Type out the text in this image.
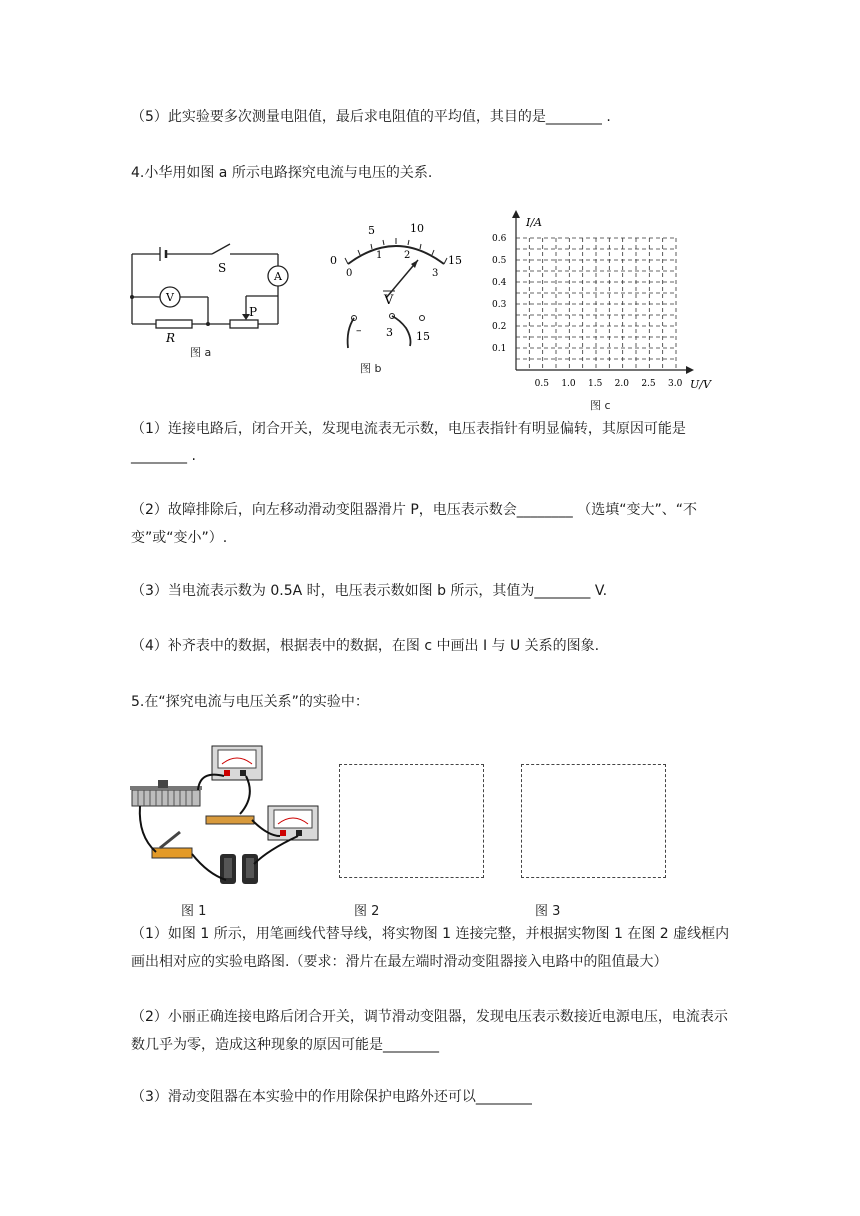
（5）此实验要多次测量电阻值，最后求电阻值的平均值，其目的是________ .
4.小华用如图 a 所示电路探究电流与电压的关系.
S
A
V
P
R
图 a
0
5	10
15
0
1 2
3
V
– 3 15
图 b
I/A
U/V
0.6
0.5
0.4
0.3
0.2
0.1
0.5 1.0 1.5 2.0 2.5 3.0
图 c
（1）连接电路后，闭合开关，发现电流表无示数，电压表指针有明显偏转，其原因可能是
________ .
（2）故障排除后，向左移动滑动变阻器滑片 P，电压表示数会________ （选填“变大”、“不变”或“变小”）.
（3）当电流表示数为 0.5A 时，电压表示数如图 b 所示，其值为________ V.
（4）补齐表中的数据，根据表中的数据，在图 c 中画出 I 与 U 关系的图象.
5.在“探究电流与电压关系”的实验中：
图 1	图 2	图 3
（1）如图 1 所示，用笔画线代替导线，将实物图 1 连接完整，并根据实物图 1 在图 2 虚线框内画出相对应的实验电路图.（要求：滑片在最左端时滑动变阻器接入电路中的阻值最大）
（2）小丽正确连接电路后闭合开关，调节滑动变阻器，发现电压表示数接近电源电压，电流表示数几乎为零，造成这种现象的原因可能是________
（3）滑动变阻器在本实验中的作用除保护电路外还可以________
